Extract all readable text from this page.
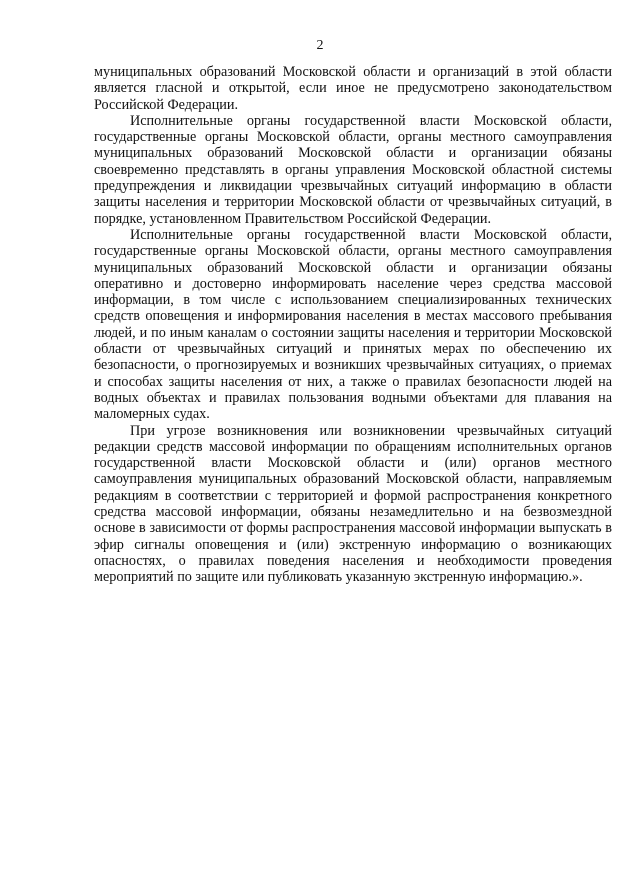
2

муниципальных образований Московской области и организаций в этой области является гласной и открытой, если иное не предусмотрено законодательством Российской Федерации.

Исполнительные органы государственной власти Московской области, государственные органы Московской области, органы местного самоуправления муниципальных образований Московской области и организации обязаны своевременно представлять в органы управления Московской областной системы предупреждения и ликвидации чрезвычайных ситуаций информацию в области защиты населения и территории Московской области от чрезвычайных ситуаций, в порядке, установленном Правительством Российской Федерации.

Исполнительные органы государственной власти Московской области, государственные органы Московской области, органы местного самоуправления муниципальных образований Московской области и организации обязаны оперативно и достоверно информировать население через средства массовой информации, в том числе с использованием специализированных технических средств оповещения и информирования населения в местах массового пребывания людей, и по иным каналам о состоянии защиты населения и территории Московской области от чрезвычайных ситуаций и принятых мерах по обеспечению их безопасности, о прогнозируемых и возникших чрезвычайных ситуациях, о приемах и способах защиты населения от них, а также о правилах безопасности людей на водных объектах и правилах пользования водными объектами для плавания на маломерных судах.

При угрозе возникновения или возникновении чрезвычайных ситуаций редакции средств массовой информации по обращениям исполнительных органов государственной власти Московской области и (или) органов местного самоуправления муниципальных образований Московской области, направляемым редакциям в соответствии с территорией и формой распространения конкретного средства массовой информации, обязаны незамедлительно и на безвозмездной основе в зависимости от формы распространения массовой информации выпускать в эфир сигналы оповещения и (или) экстренную информацию о возникающих опасностях, о правилах поведения населения и необходимости проведения мероприятий по защите или публиковать указанную экстренную информацию.».
